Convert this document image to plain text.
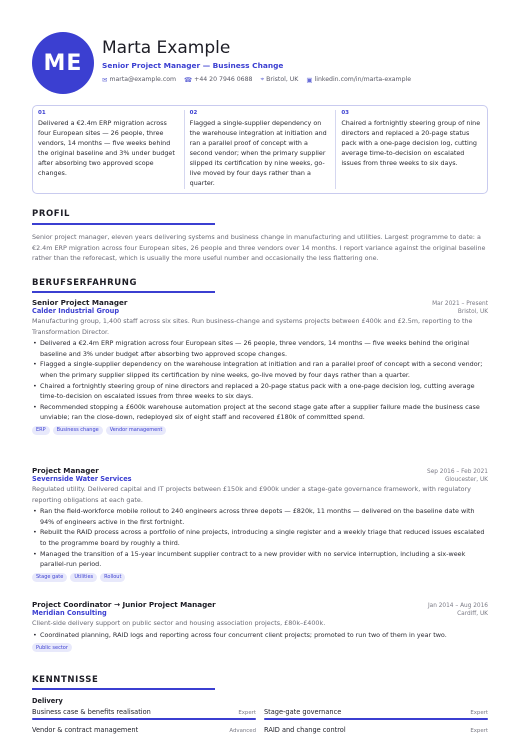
ME
Marta Example
Senior Project Manager — Business Change
✉ marta@example.com ☎ +44 20 7946 0688 ⌖ Bristol, UK ▣ linkedin.com/in/marta-example
01
Delivered a €2.4m ERP migration across four European sites — 26 people, three vendors, 14 months — five weeks behind the original baseline and 3% under budget after absorbing two approved scope changes.
02
Flagged a single-supplier dependency on the warehouse integration at initiation and ran a parallel proof of concept with a second vendor; when the primary supplier slipped its certification by nine weeks, go-live moved by four days rather than a quarter.
03
Chaired a fortnightly steering group of nine directors and replaced a 20-page status pack with a one-page decision log, cutting average time-to-decision on escalated issues from three weeks to six days.
PROFIL
Senior project manager, eleven years delivering systems and business change in manufacturing and utilities. Largest programme to date: a €2.4m ERP migration across four European sites, 26 people and three vendors over 14 months. I report variance against the original baseline rather than the reforecast, which is usually the more useful number and occasionally the less flattering one.
BERUFSERFAHRUNG
Senior Project Manager	Mar 2021 – Present
Calder Industrial Group	Bristol, UK
Manufacturing group, 1,400 staff across six sites. Run business-change and systems projects between £400k and £2.5m, reporting to the Transformation Director.
• Delivered a €2.4m ERP migration across four European sites — 26 people, three vendors, 14 months — five weeks behind the original baseline and 3% under budget after absorbing two approved scope changes.
• Flagged a single-supplier dependency on the warehouse integration at initiation and ran a parallel proof of concept with a second vendor; when the primary supplier slipped its certification by nine weeks, go-live moved by four days rather than a quarter.
• Chaired a fortnightly steering group of nine directors and replaced a 20-page status pack with a one-page decision log, cutting average time-to-decision on escalated issues from three weeks to six days.
• Recommended stopping a £600k warehouse automation project at the second stage gate after a supplier failure made the business case unviable; ran the close-down, redeployed six of eight staff and recovered £180k of committed spend.
ERP	Business change	Vendor management
Project Manager	Sep 2016 – Feb 2021
Severnside Water Services	Gloucester, UK
Regulated utility. Delivered capital and IT projects between £150k and £900k under a stage-gate governance framework, with regulatory reporting obligations at each gate.
• Ran the field-workforce mobile rollout to 240 engineers across three depots — £820k, 11 months — delivered on the baseline date with 94% of engineers active in the first fortnight.
• Rebuilt the RAID process across a portfolio of nine projects, introducing a single register and a weekly triage that reduced issues escalated to the programme board by roughly a third.
• Managed the transition of a 15-year incumbent supplier contract to a new provider with no service interruption, including a six-week parallel-run period.
Stage gate	Utilities	Rollout
Project Coordinator → Junior Project Manager	Jan 2014 – Aug 2016
Meridian Consulting	Cardiff, UK
Client-side delivery support on public sector and housing association projects, £80k–£400k.
• Coordinated planning, RAID logs and reporting across four concurrent client projects; promoted to run two of them in year two.
Public sector
KENNTNISSE
Delivery
Business case & benefits realisation	Expert Stage-gate governance	Expert
Vendor & contract management	Advanced RAID and change control	Expert
